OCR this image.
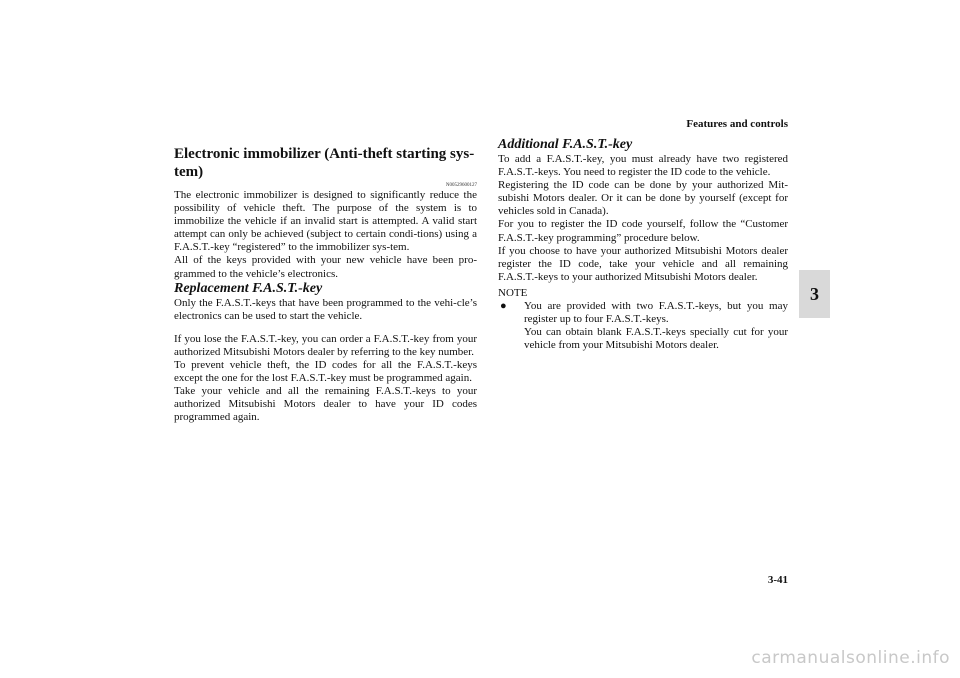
Features and controls
3
Electronic immobilizer (Anti-theft starting sys-tem)
N00529600127

The electronic immobilizer is designed to significantly reduce the possibility of vehicle theft. The purpose of the system is to immobilize the vehicle if an invalid start is attempted. A valid start attempt can only be achieved (subject to certain condi-tions) using a F.A.S.T.-key “registered” to the immobilizer sys-tem.

All of the keys provided with your new vehicle have been pro-grammed to the vehicle’s electronics.

Replacement F.A.S.T.-key

Only the F.A.S.T.-keys that have been programmed to the vehi-cle’s electronics can be used to start the vehicle.

If you lose the F.A.S.T.-key, you can order a F.A.S.T.-key from your authorized Mitsubishi Motors dealer by referring to the key number.

To prevent vehicle theft, the ID codes for all the F.A.S.T.-keys except the one for the lost F.A.S.T.-key must be programmed again.

Take your vehicle and all the remaining F.A.S.T.-keys to your authorized Mitsubishi Motors dealer to have your ID codes programmed again.

Additional F.A.S.T.-key

To add a F.A.S.T.-key, you must already have two registered F.A.S.T.-keys. You need to register the ID code to the vehicle.

Registering the ID code can be done by your authorized Mit-subishi Motors dealer. Or it can be done by yourself (except for vehicles sold in Canada).

For you to register the ID code yourself, follow the “Customer F.A.S.T.-key programming” procedure below.

If you choose to have your authorized Mitsubishi Motors dealer register the ID code, take your vehicle and all remaining F.A.S.T.-keys to your authorized Mitsubishi Motors dealer.

NOTE
●	You are provided with two F.A.S.T.-keys, but you may register up to four F.A.S.T.-keys.

You can obtain blank F.A.S.T.-keys specially cut for your vehicle from your Mitsubishi Motors dealer.

3-41
carmanualsonline.info
